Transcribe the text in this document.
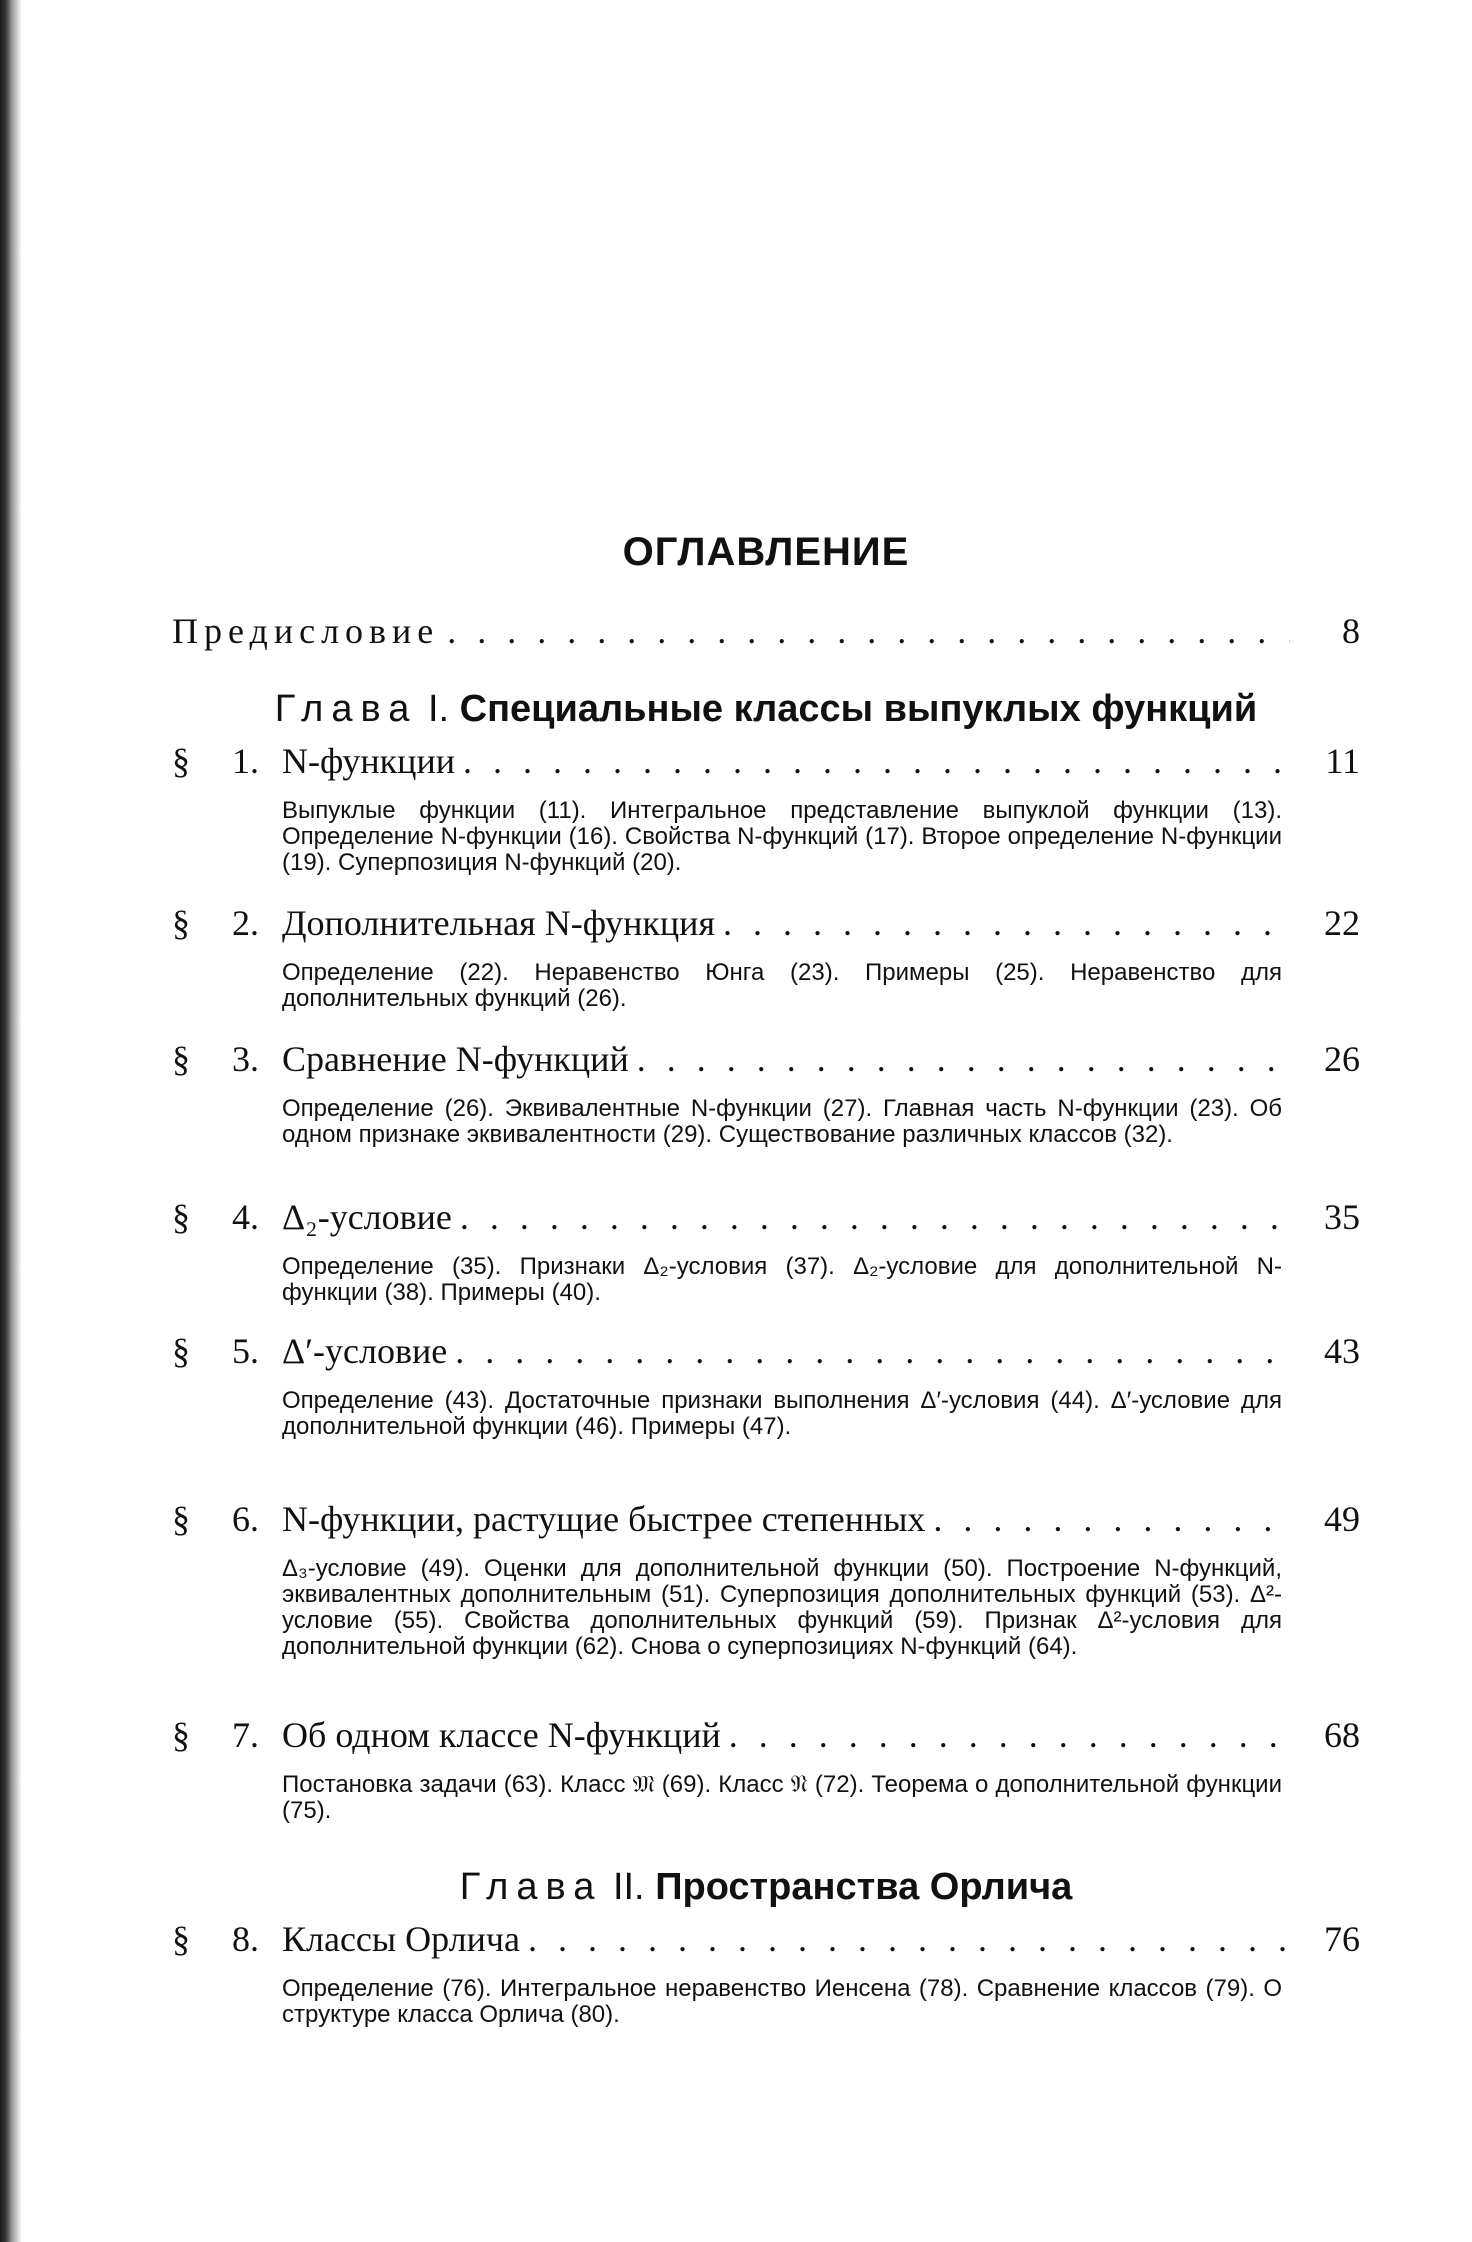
ОГЛАВЛЕНИЕ
Предисловие . . .	8
Глава I. Специальные классы выпуклых функций
§ 1. N-функции . . .	11
Выпуклые функции (11). Интегральное представление выпуклой функции (13). Определение N-функции (16). Свойства N-функций (17). Второе определение N-функции (19). Суперпозиция N-функций (20).
§ 2. Дополнительная N-функция . . .	22
Определение (22). Неравенство Юнга (23). Примеры (25). Неравенство для дополнительных функций (26).
§ 3. Сравнение N-функций . . .	26
Определение (26). Эквивалентные N-функции (27). Главная часть N-функции (23). Об одном признаке эквивалентности (29). Существование различных классов (32).
§ 4. Δ₂-условие . . .	35
Определение (35). Признаки Δ₂-условия (37). Δ₂-условие для дополнительной N-функции (38). Примеры (40).
§ 5. Δ′-условие . . .	43
Определение (43). Достаточные признаки выполнения Δ′-условия (44). Δ′-условие для дополнительной функции (46). Примеры (47).
§ 6. N-функции, растущие быстрее степенных . . .	49
Δ₃-условие (49). Оценки для дополнительной функции (50). Построение N-функций, эквивалентных дополнительным (51). Суперпозиция дополнительных функций (53). Δ²-условие (55). Свойства дополнительных функций (59). Признак Δ²-условия для дополнительной функции (62). Снова о суперпозициях N-функций (64).
§ 7. Об одном классе N-функций . . .	68
Постановка задачи (63). Класс 𝔐 (69). Класс 𝔑 (72). Теорема о дополнительной функции (75).
Глава II. Пространства Орлича
§ 8. Классы Орлича . . .	76
Определение (76). Интегральное неравенство Иенсена (78). Сравнение классов (79). О структуре класса Орлича (80).
